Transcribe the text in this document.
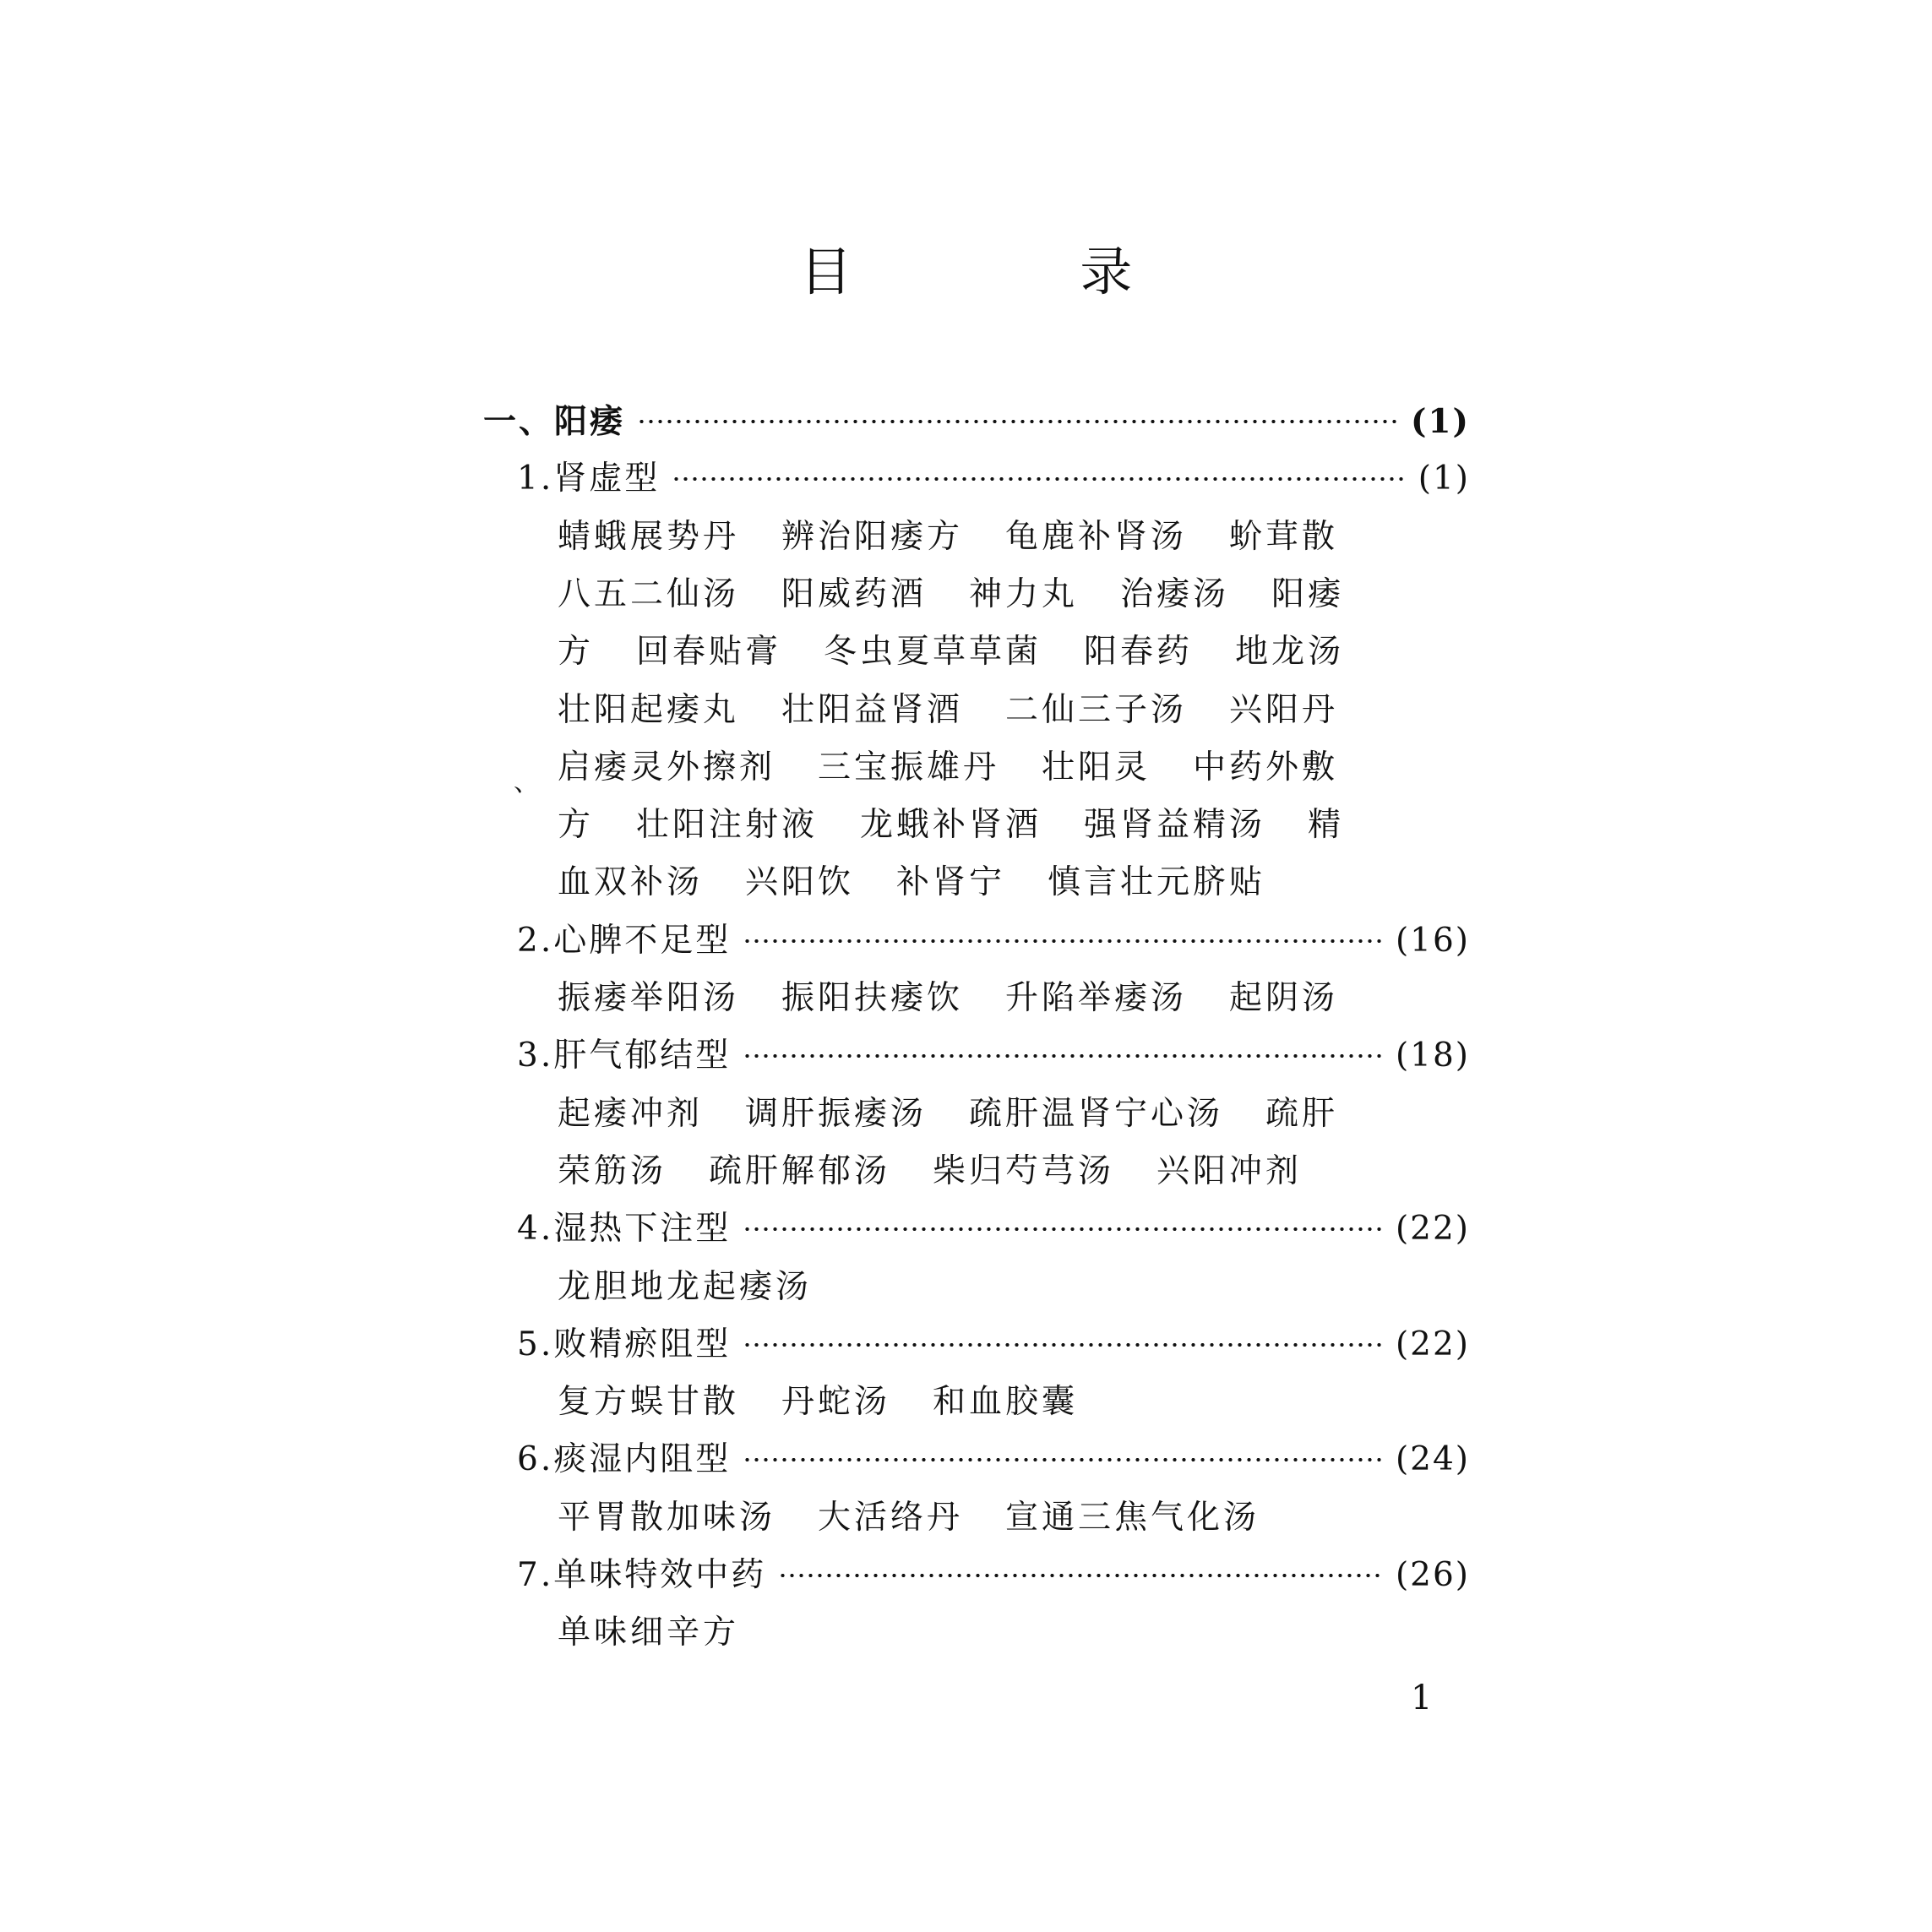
目 录
一、阳痿	(1)
1.肾虚型	(1)
蜻蛾展势丹 辨治阳痿方 龟鹿补肾汤 蚧茸散
八五二仙汤 阳威药酒 神力丸 治痿汤 阳痿
方 回春贴膏 冬虫夏草草菌 阳春药 地龙汤
壮阳起痿丸 壮阳益肾酒 二仙三子汤 兴阳丹
启痿灵外擦剂 三宝振雄丹 壮阳灵 中药外敷
方 壮阳注射液 龙蛾补肾酒 强肾益精汤 精
血双补汤 兴阳饮 补肾宁 慎言壮元脐贴
2.心脾不足型	(16)
振痿举阳汤 振阳扶痿饮 升陷举痿汤 起阴汤
3.肝气郁结型	(18)
起痿冲剂 调肝振痿汤 疏肝温肾宁心汤 疏肝
荣筋汤 疏肝解郁汤 柴归芍芎汤 兴阳冲剂
4.湿热下注型	(22)
龙胆地龙起痿汤
5.败精瘀阻型	(22)
复方蜈甘散 丹蛇汤 和血胶囊
6.痰湿内阻型	(24)
平胃散加味汤 大活络丹 宣通三焦气化汤
7.单味特效中药	(26)
单味细辛方
、
1
